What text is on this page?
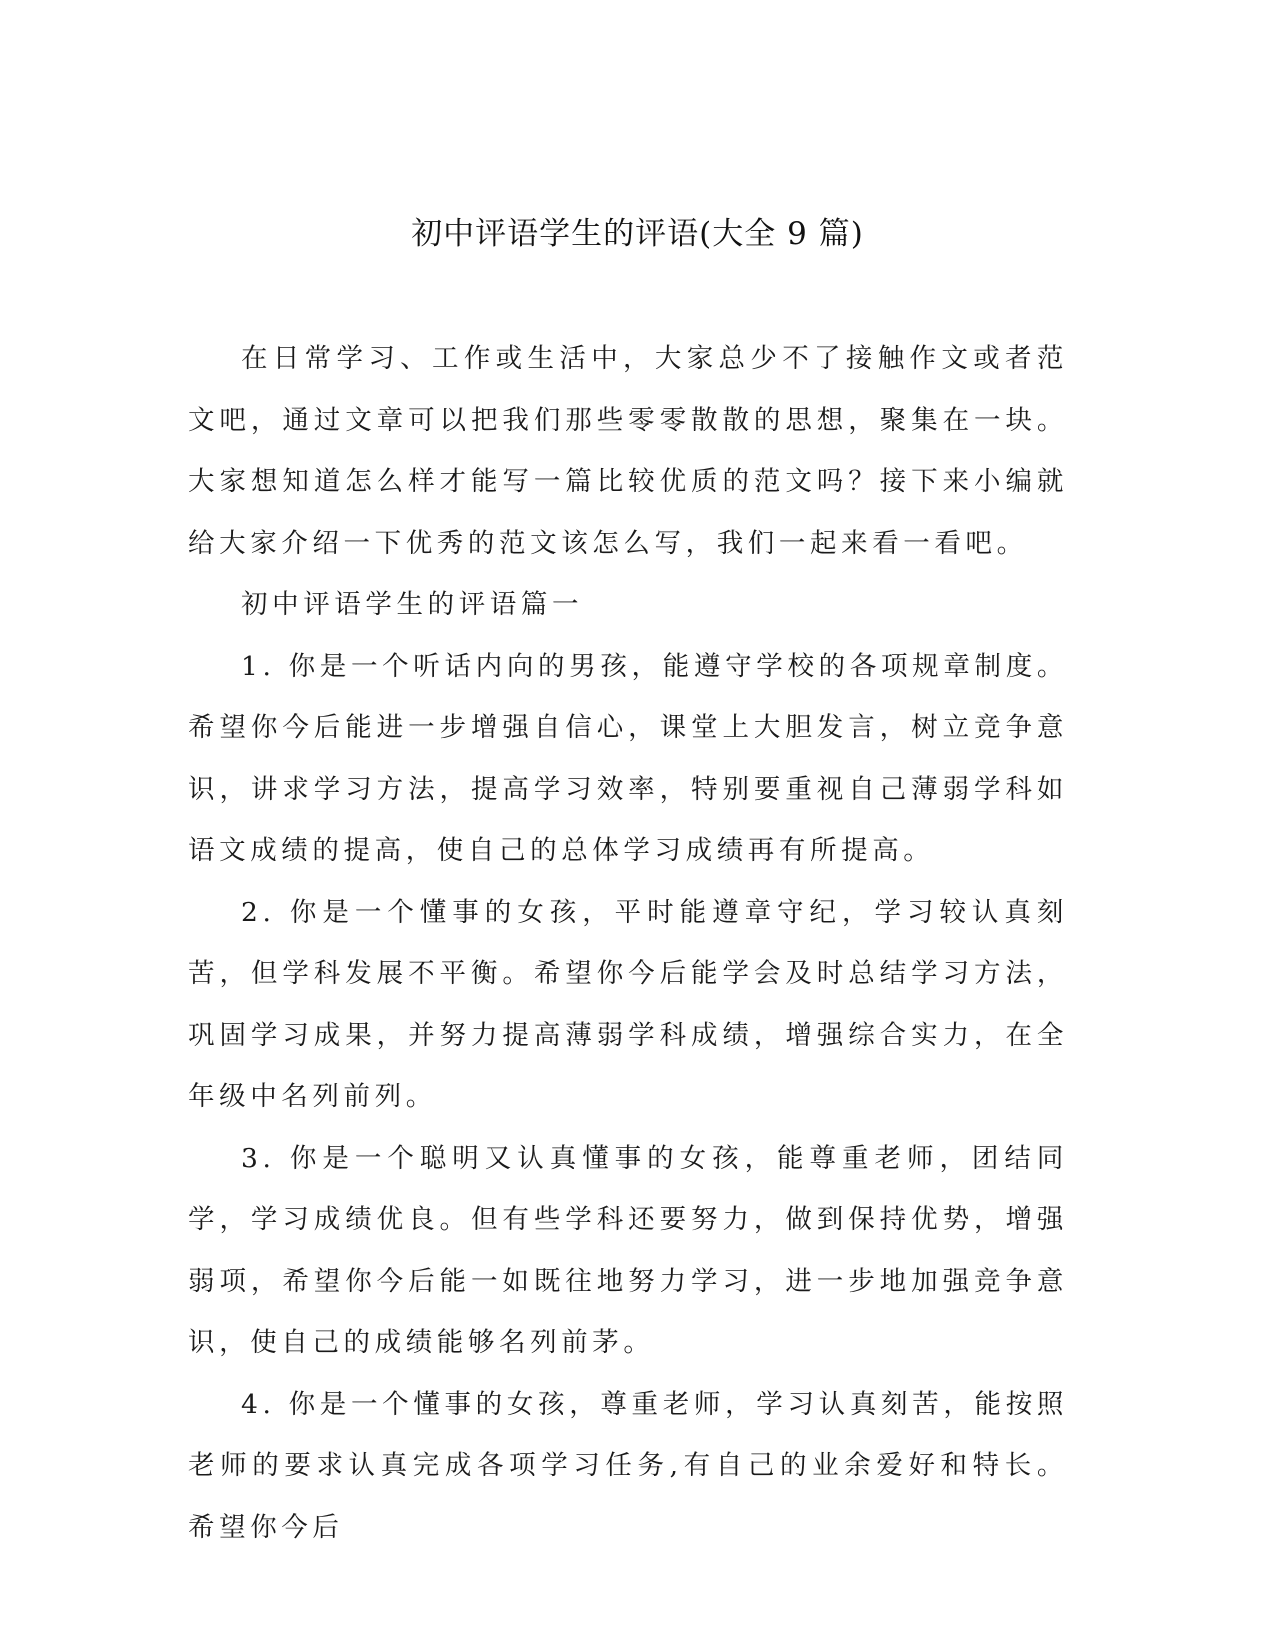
初中评语学生的评语(大全 9 篇)

在日常学习、工作或生活中，大家总少不了接触作文或者范文吧，通过文章可以把我们那些零零散散的思想，聚集在一块。大家想知道怎么样才能写一篇比较优质的范文吗？接下来小编就给大家介绍一下优秀的范文该怎么写，我们一起来看一看吧。

初中评语学生的评语篇一

1. 你是一个听话内向的男孩，能遵守学校的各项规章制度。希望你今后能进一步增强自信心，课堂上大胆发言，树立竞争意识，讲求学习方法，提高学习效率，特别要重视自己薄弱学科如语文成绩的提高，使自己的总体学习成绩再有所提高。

2. 你是一个懂事的女孩，平时能遵章守纪，学习较认真刻苦，但学科发展不平衡。希望你今后能学会及时总结学习方法，巩固学习成果，并努力提高薄弱学科成绩，增强综合实力，在全年级中名列前列。

3. 你是一个聪明又认真懂事的女孩，能尊重老师，团结同学，学习成绩优良。但有些学科还要努力，做到保持优势，增强弱项，希望你今后能一如既往地努力学习，进一步地加强竞争意识，使自己的成绩能够名列前茅。

4. 你是一个懂事的女孩，尊重老师，学习认真刻苦，能按照老师的要求认真完成各项学习任务,有自己的业余爱好和特长。希望你今后
